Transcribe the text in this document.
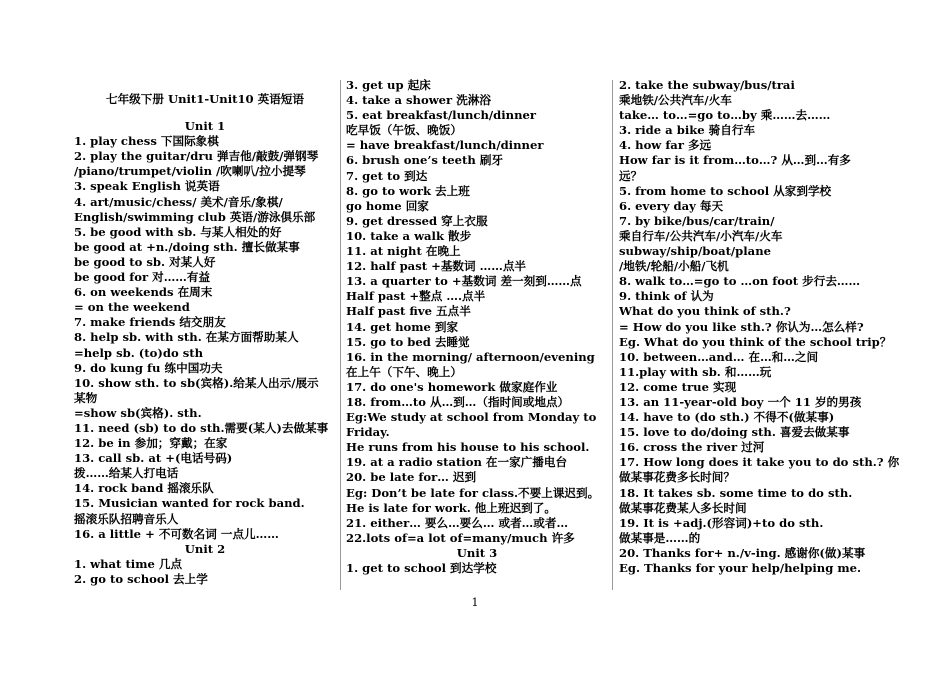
七年级下册 Unit1-Unit10 英语短语
Unit 1
1. play chess 下国际象棋
2. play the guitar/dru 弹吉他/敲鼓/弹钢琴
/piano/trumpet/violin /吹喇叭/拉小提琴
3. speak English 说英语
4. art/music/chess/ 美术/音乐/象棋/
English/swimming club 英语/游泳俱乐部
5. be good with sb. 与某人相处的好
be good at +n./doing sth. 擅长做某事
be good to sb. 对某人好
be good for 对……有益
6. on weekends 在周末
= on the weekend
7. make friends 结交朋友
8. help sb. with sth. 在某方面帮助某人
=help sb. (to)do sth
9. do kung fu 练中国功夫
10. show sth. to sb(宾格).给某人出示/展示
某物
=show sb(宾格). sth.
11. need (sb) to do sth.需要(某人)去做某事
12. be in 参加；穿戴；在家
13. call sb. at +(电话号码)
拨……给某人打电话
14. rock band 摇滚乐队
15. Musician wanted for rock band.
摇滚乐队招聘音乐人
16. a little + 不可数名词 一点儿……
Unit 2
1. what time 几点
2. go to school 去上学
3. get up 起床
4. take a shower 洗淋浴
5. eat breakfast/lunch/dinner
吃早饭（午饭、晚饭）
= have breakfast/lunch/dinner
6. brush one’s teeth 刷牙
7. get to 到达
8. go to work 去上班
go home 回家
9. get dressed 穿上衣服
10. take a walk 散步
11. at night 在晚上
12. half past +基数词 ……点半
13. a quarter to +基数词 差一刻到……点
Half past +整点 ….点半
Half past five 五点半
14. get home 到家
15. go to bed 去睡觉
16. in the morning/ afternoon/evening
在上午（下午、晚上）
17. do one's homework 做家庭作业
18. from…to 从…到…（指时间或地点）
Eg:We study at school from Monday to
Friday.
He runs from his house to his school.
19. at a radio station 在一家广播电台
20. be late for… 迟到
Eg: Don’t be late for class.不要上课迟到。
He is late for work. 他上班迟到了。
21. either… 要么…要么… 或者…或者…
22.lots of=a lot of=many/much 许多
Unit 3
1. get to school 到达学校
2. take the subway/bus/trai
乘地铁/公共汽车/火车
take… to…=go to…by 乘……去……
3. ride a bike 骑自行车
4. how far 多远
How far is it from…to…? 从…到…有多
远？
5. from home to school 从家到学校
6. every day 每天
7. by bike/bus/car/train/
乘自行车/公共汽车/小汽车/火车
subway/ship/boat/plane
/地铁/轮船/小船/飞机
8. walk to…=go to …on foot 步行去……
9. think of 认为
What do you think of sth.?
= How do you like sth.? 你认为…怎么样?
Eg. What do you think of the school trip？
10. between…and… 在…和…之间
11.play with sb. 和……玩
12. come true 实现
13. an 11-year-old boy 一个 11 岁的男孩
14. have to (do sth.) 不得不(做某事)
15. love to do/doing sth. 喜爱去做某事
16. cross the river 过河
17. How long does it take you to do sth.? 你
做某事花费多长时间？
18. It takes sb. some time to do sth.
做某事花费某人多长时间
19. It is +adj.(形容词)+to do sth.
做某事是……的
20. Thanks for+ n./v-ing. 感谢你(做)某事
Eg. Thanks for your help/helping me.
1
